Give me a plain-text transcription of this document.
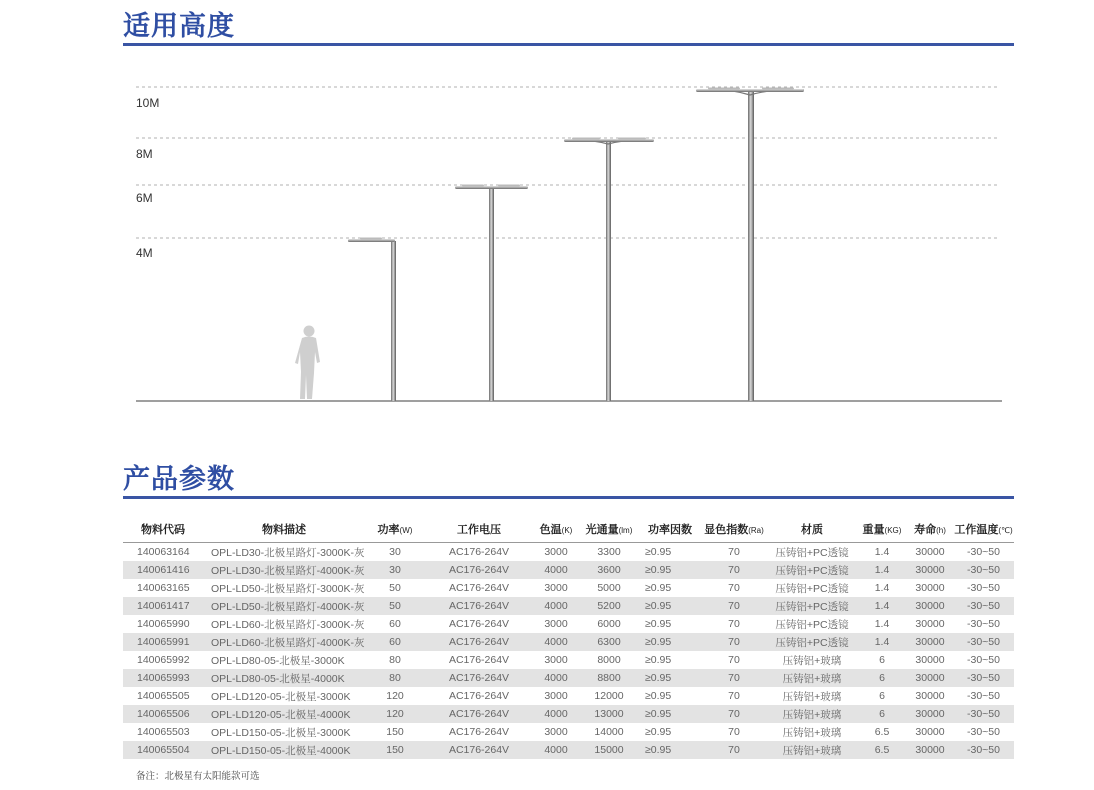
适用高度
10M
8M
6M
4M
产品参数
物料代码	物料描述	功率(W)	工作电压	色温(K)	光通量(lm)	功率因数	显色指数(Ra)	材质	重量(KG)	寿命(h)	工作温度(℃)
140063164	OPL-LD30-北极星路灯-3000K-灰	30	AC176-264V	3000	3300	≥0.95	70	压铸铝+PC透镜	1.4	30000	-30~50
140061416	OPL-LD30-北极星路灯-4000K-灰	30	AC176-264V	4000	3600	≥0.95	70	压铸铝+PC透镜	1.4	30000	-30~50
140063165	OPL-LD50-北极星路灯-3000K-灰	50	AC176-264V	3000	5000	≥0.95	70	压铸铝+PC透镜	1.4	30000	-30~50
140061417	OPL-LD50-北极星路灯-4000K-灰	50	AC176-264V	4000	5200	≥0.95	70	压铸铝+PC透镜	1.4	30000	-30~50
140065990	OPL-LD60-北极星路灯-3000K-灰	60	AC176-264V	3000	6000	≥0.95	70	压铸铝+PC透镜	1.4	30000	-30~50
140065991	OPL-LD60-北极星路灯-4000K-灰	60	AC176-264V	4000	6300	≥0.95	70	压铸铝+PC透镜	1.4	30000	-30~50
140065992	OPL-LD80-05-北极星-3000K	80	AC176-264V	3000	8000	≥0.95	70	压铸铝+玻璃	6	30000	-30~50
140065993	OPL-LD80-05-北极星-4000K	80	AC176-264V	4000	8800	≥0.95	70	压铸铝+玻璃	6	30000	-30~50
140065505	OPL-LD120-05-北极星-3000K	120	AC176-264V	3000	12000	≥0.95	70	压铸铝+玻璃	6	30000	-30~50
140065506	OPL-LD120-05-北极星-4000K	120	AC176-264V	4000	13000	≥0.95	70	压铸铝+玻璃	6	30000	-30~50
140065503	OPL-LD150-05-北极星-3000K	150	AC176-264V	3000	14000	≥0.95	70	压铸铝+玻璃	6.5	30000	-30~50
140065504	OPL-LD150-05-北极星-4000K	150	AC176-264V	4000	15000	≥0.95	70	压铸铝+玻璃	6.5	30000	-30~50
备注：北极星有太阳能款可选
